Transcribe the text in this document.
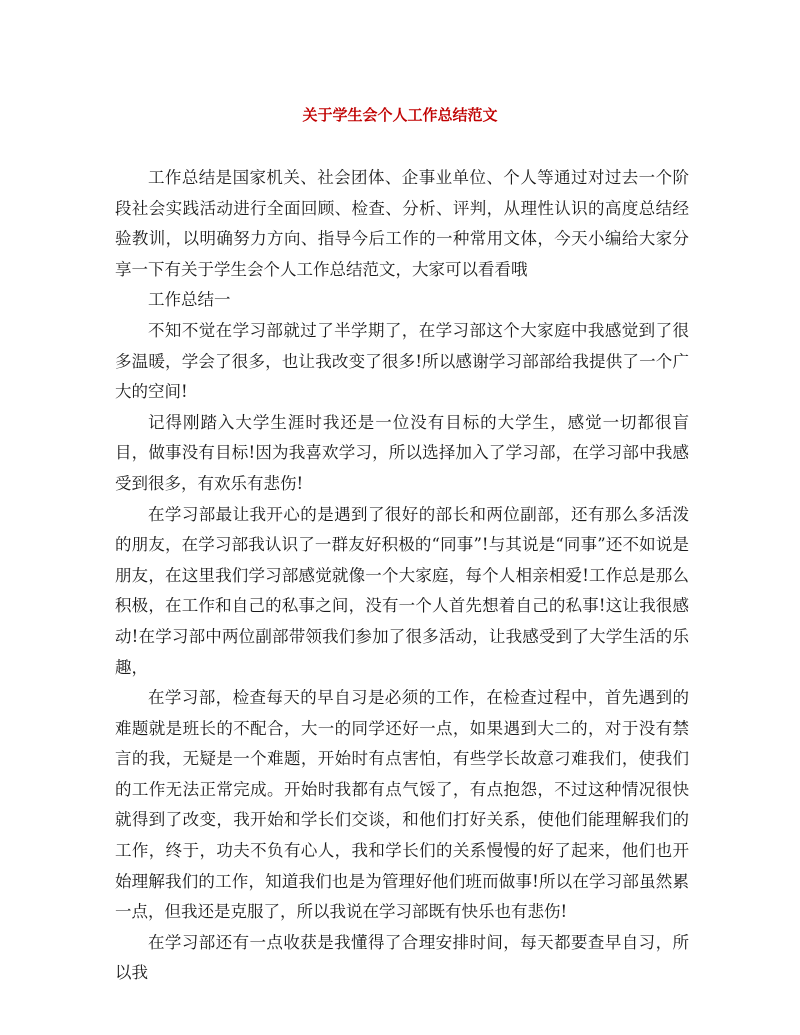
关于学生会个人工作总结范文

工作总结是国家机关、社会团体、企事业单位、个人等通过对过去一个阶段社会实践活动进行全面回顾、检查、分析、评判，从理性认识的高度总结经验教训，以明确努力方向、指导今后工作的一种常用文体，今天小编给大家分享一下有关于学生会个人工作总结范文，大家可以看看哦

工作总结一

不知不觉在学习部就过了半学期了，在学习部这个大家庭中我感觉到了很多温暖，学会了很多，也让我改变了很多!所以感谢学习部部给我提供了一个广大的空间!

记得刚踏入大学生涯时我还是一位没有目标的大学生，感觉一切都很盲目，做事没有目标!因为我喜欢学习，所以选择加入了学习部，在学习部中我感受到很多，有欢乐有悲伤!

在学习部最让我开心的是遇到了很好的部长和两位副部，还有那么多活泼的朋友，在学习部我认识了一群友好积极的“同事”!与其说是“同事”还不如说是朋友，在这里我们学习部感觉就像一个大家庭，每个人相亲相爱!工作总是那么积极，在工作和自己的私事之间，没有一个人首先想着自己的私事!这让我很感动!在学习部中两位副部带领我们参加了很多活动，让我感受到了大学生活的乐趣，

在学习部，检查每天的早自习是必须的工作，在检查过程中，首先遇到的难题就是班长的不配合，大一的同学还好一点，如果遇到大二的，对于没有禁言的我，无疑是一个难题，开始时有点害怕，有些学长故意刁难我们，使我们的工作无法正常完成。开始时我都有点气馁了，有点抱怨，不过这种情况很快就得到了改变，我开始和学长们交谈，和他们打好关系，使他们能理解我们的工作，终于，功夫不负有心人，我和学长们的关系慢慢的好了起来，他们也开始理解我们的工作，知道我们也是为管理好他们班而做事!所以在学习部虽然累一点，但我还是克服了，所以我说在学习部既有快乐也有悲伤!

在学习部还有一点收获是我懂得了合理安排时间，每天都要查早自习，所以我
